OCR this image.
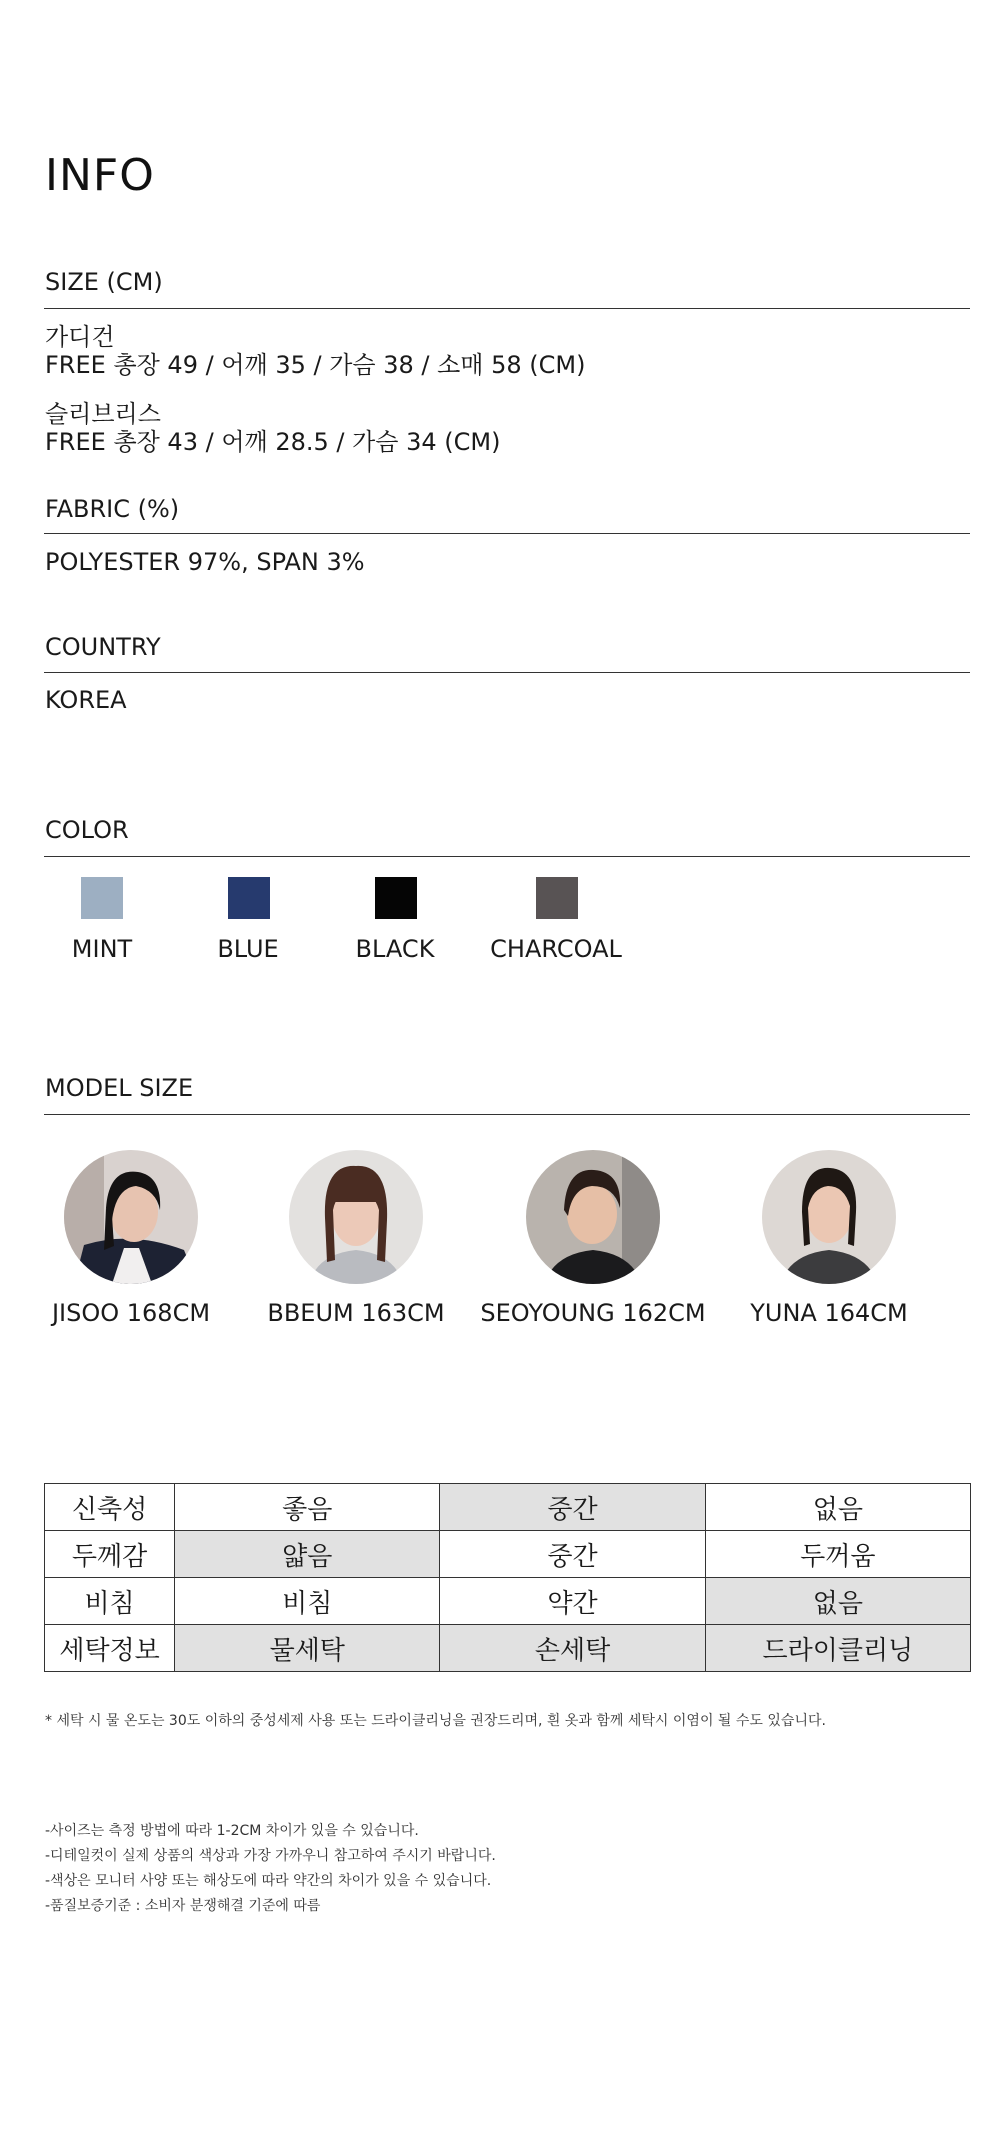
INFO
SIZE (CM)
가디건
FREE 총장 49 / 어깨 35 / 가슴 38 / 소매 58 (CM)
슬리브리스
FREE 총장 43 / 어깨 28.5 / 가슴 34 (CM)
FABRIC (%)
POLYESTER 97%, SPAN 3%
COUNTRY
KOREA
COLOR
MINT	BLUE	BLACK	CHARCOAL
MODEL SIZE
JISOO 168CM	BBEUM 163CM	SEOYOUNG 162CM	YUNA 164CM
신축성	좋음	중간	없음
두께감	얇음	중간	두꺼움
비침	비침	약간	없음
세탁정보	물세탁	손세탁	드라이클리닝
* 세탁 시 물 온도는 30도 이하의 중성세제 사용 또는 드라이클리닝을 권장드리며, 흰 옷과 함께 세탁시 이염이 될 수도 있습니다.
-사이즈는 측정 방법에 따라 1-2CM 차이가 있을 수 있습니다.
-디테일컷이 실제 상품의 색상과 가장 가까우니 참고하여 주시기 바랍니다.
-색상은 모니터 사양 또는 해상도에 따라 약간의 차이가 있을 수 있습니다.
-품질보증기준 : 소비자 분쟁해결 기준에 따름
